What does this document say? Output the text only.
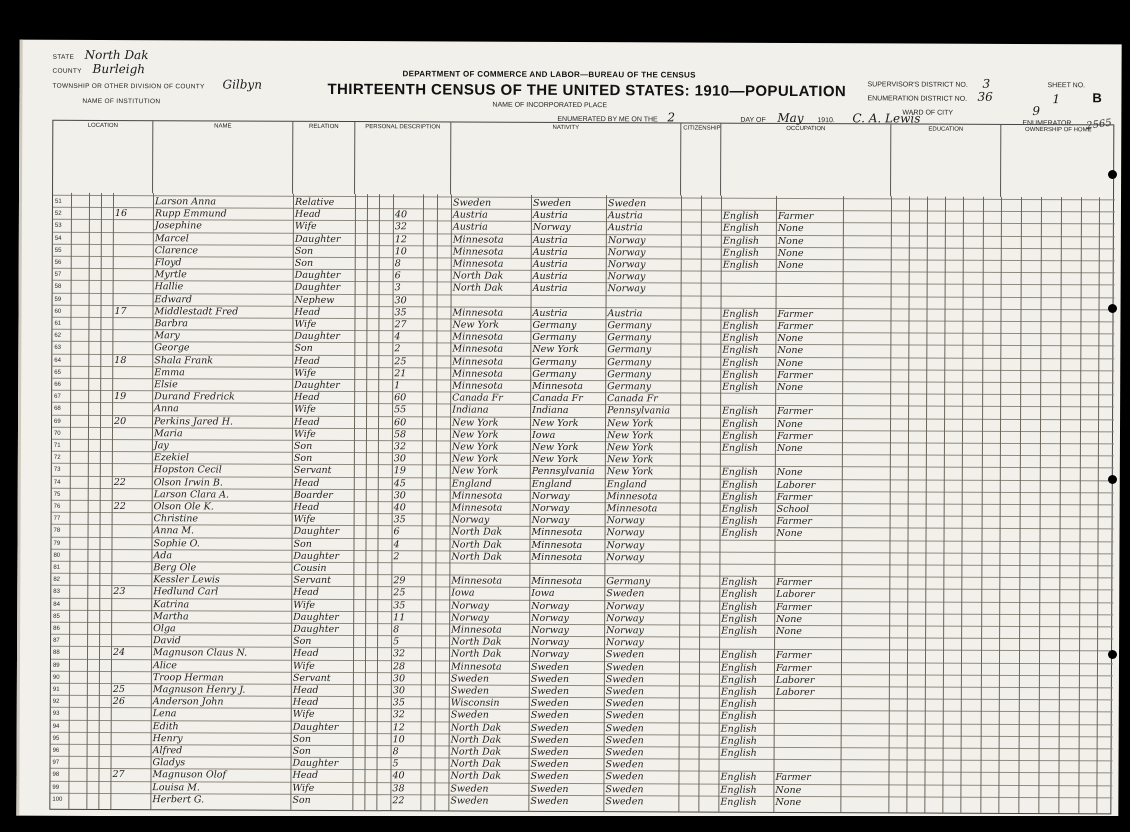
STATE North Dak
COUNTY Burleigh
TOWNSHIP OR OTHER DIVISION OF COUNTY Gilbyn
NAME OF INSTITUTION
DEPARTMENT OF COMMERCE AND LABOR—BUREAU OF THE CENSUS
THIRTEENTH CENSUS OF THE UNITED STATES: 1910—POPULATION
NAME OF INCORPORATED PLACE
ENUMERATED BY ME ON THE 2	DAY OF May 1910. C. A. Lewis	ENUMERATOR.
SUPERVISOR'S DISTRICT NO. 3
ENUMERATION DISTRICT NO. 36
SHEET NO.
1 B
WARD OF CITY	9
2565
LOCATION	NAME	RELATION	PERSONAL DESCRIPTION	NATIVITY	CITIZENSHIP	OCCUPATION	EDUCATION	OWNERSHIP OF HOME
51	Larson Anna	Relative	Sweden	Sweden	Sweden
52	16	Rupp Emmund	Head	40	Austria	Austria	Austria	English	Farmer
53	Josephine	Wife	32	Austria	Norway	Austria	English	None
54	Marcel	Daughter	12	Minnesota	Austria	Norway	English	None
55	Clarence	Son	10	Minnesota	Austria	Norway	English	None
56	Floyd	Son	8	Minnesota	Austria	Norway	English	None
57	Myrtle	Daughter	6	North Dak	Austria	Norway
58	Hallie	Daughter	3	North Dak	Austria	Norway
59	Edward	Nephew	30
60	17	Middlestadt Fred	Head	35	Minnesota	Austria	Austria	English	Farmer
61	Barbra	Wife	27	New York	Germany	Germany	English	Farmer
62	Mary	Daughter	4	Minnesota	Germany	Germany	English	None
63	George	Son	2	Minnesota	New York	Germany	English	None
64	18	Shala Frank	Head	25	Minnesota	Germany	Germany	English	None
65	Emma	Wife	21	Minnesota	Germany	Germany	English	Farmer
66	Elsie	Daughter	1	Minnesota	Minnesota	Germany	English	None
67	19	Durand Fredrick	Head	60	Canada Fr	Canada Fr	Canada Fr
68	Anna	Wife	55	Indiana	Indiana	Pennsylvania	English	Farmer
69	20	Perkins Jared H.	Head	60	New York	New York	New York	English	None
70	Maria	Wife	58	New York	Iowa	New York	English	Farmer
71	Jay	Son	32	New York	New York	New York	English	None
72	Ezekiel	Son	30	New York	New York	New York
73	Hopston Cecil	Servant	19	New York	Pennsylvania	New York	English	None
74	22	Olson Irwin B.	Head	45	England	England	England	English	Laborer
75	Larson Clara A.	Boarder	30	Minnesota	Norway	Minnesota	English	Farmer
76	22	Olson Ole K.	Head	40	Minnesota	Norway	Minnesota	English	School
77	Christine	Wife	35	Norway	Norway	Norway	English	Farmer
78	Anna M.	Daughter	6	North Dak	Minnesota	Norway	English	None
79	Sophie O.	Son	4	North Dak	Minnesota	Norway
80	Ada	Daughter	2	North Dak	Minnesota	Norway
81	Berg Ole	Cousin
82	Kessler Lewis	Servant	29	Minnesota	Minnesota	Germany	English	Farmer
83	23	Hedlund Carl	Head	25	Iowa	Iowa	Sweden	English	Laborer
84	Katrina	Wife	35	Norway	Norway	Norway	English	Farmer
85	Martha	Daughter	11	Norway	Norway	Norway	English	None
86	Olga	Daughter	8	Minnesota	Norway	Norway	English	None
87	David	Son	5	North Dak	Norway	Norway
88	24	Magnuson Claus N.	Head	32	North Dak	Norway	Sweden	English	Farmer
89	Alice	Wife	28	Minnesota	Sweden	Sweden	English	Farmer
90	Troop Herman	Servant	30	Sweden	Sweden	Sweden	English	Laborer
91	25	Magnuson Henry J.	Head	30	Sweden	Sweden	Sweden	English	Laborer
92	26	Anderson John	Head	35	Wisconsin	Sweden	Sweden	English
93	Lena	Wife	32	Sweden	Sweden	Sweden	English
94	Edith	Daughter	12	North Dak	Sweden	Sweden	English
95	Henry	Son	10	North Dak	Sweden	Sweden	English
96	Alfred	Son	8	North Dak	Sweden	Sweden	English
97	Gladys	Daughter	5	North Dak	Sweden	Sweden
98	27	Magnuson Olof	Head	40	North Dak	Sweden	Sweden	English	Farmer
99	Louisa M.	Wife	38	Sweden	Sweden	Sweden	English	None
100	Herbert G.	Son	22	Sweden	Sweden	Sweden	English	None
